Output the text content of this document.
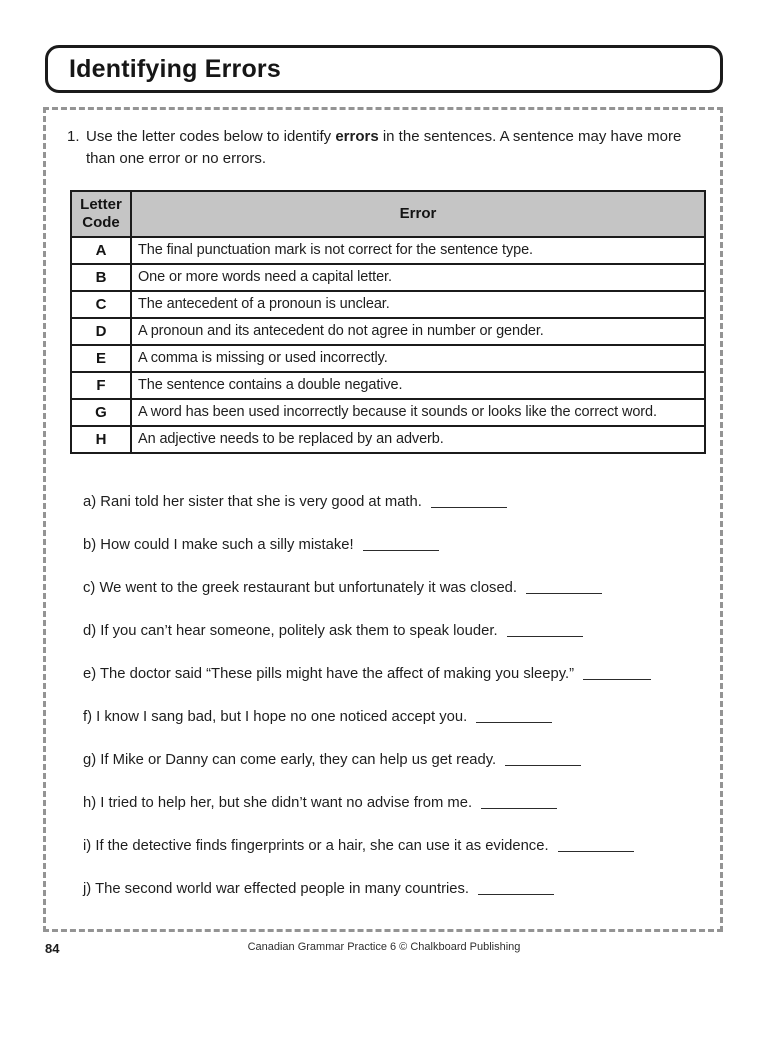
Identifying Errors
1. Use the letter codes below to identify errors in the sentences. A sentence may have more than one error or no errors.

Letter Code	Error
A	The final punctuation mark is not correct for the sentence type.
B	One or more words need a capital letter.
C	The antecedent of a pronoun is unclear.
D	A pronoun and its antecedent do not agree in number or gender.
E	A comma is missing or used incorrectly.
F	The sentence contains a double negative.
G	A word has been used incorrectly because it sounds or looks like the correct word.
H	An adjective needs to be replaced by an adverb.
a) Rani told her sister that she is very good at math.
b) How could I make such a silly mistake!
c) We went to the greek restaurant but unfortunately it was closed.
d) If you can’t hear someone, politely ask them to speak louder.
e) The doctor said “These pills might have the affect of making you sleepy.”
f) I know I sang bad, but I hope no one noticed accept you.
g) If Mike or Danny can come early, they can help us get ready.
h) I tried to help her, but she didn’t want no advise from me.
i) If the detective finds fingerprints or a hair, she can use it as evidence.
j) The second world war effected people in many countries.
84	Canadian Grammar Practice 6 © Chalkboard Publishing
